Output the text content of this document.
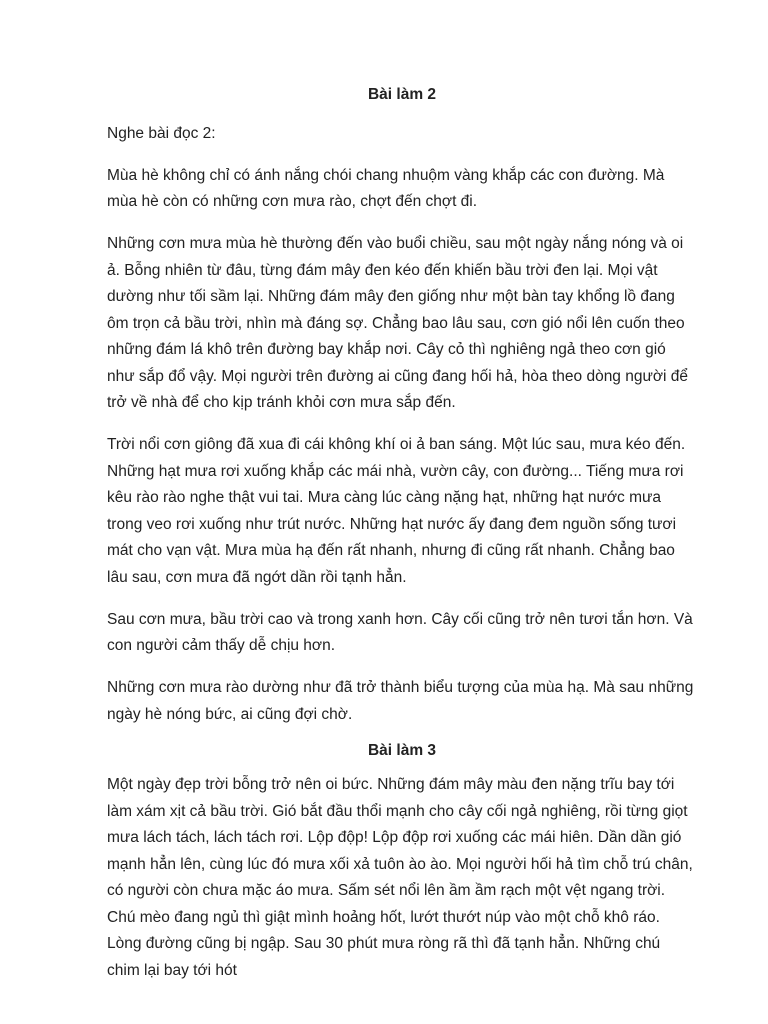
Bài làm 2

Nghe bài đọc 2:

Mùa hè không chỉ có ánh nắng chói chang nhuộm vàng khắp các con đường. Mà mùa hè còn có những cơn mưa rào, chợt đến chợt đi.

Những cơn mưa mùa hè thường đến vào buổi chiều, sau một ngày nắng nóng và oi ả. Bỗng nhiên từ đâu, từng đám mây đen kéo đến khiến bầu trời đen lại. Mọi vật dường như tối sầm lại. Những đám mây đen giống như một bàn tay khổng lồ đang ôm trọn cả bầu trời, nhìn mà đáng sợ. Chẳng bao lâu sau, cơn gió nổi lên cuốn theo những đám lá khô trên đường bay khắp nơi. Cây cỏ thì nghiêng ngả theo cơn gió như sắp đổ vậy. Mọi người trên đường ai cũng đang hối hả, hòa theo dòng người để trở về nhà để cho kịp tránh khỏi cơn mưa sắp đến.

Trời nổi cơn giông đã xua đi cái không khí oi ả ban sáng. Một lúc sau, mưa kéo đến. Những hạt mưa rơi xuống khắp các mái nhà, vườn cây, con đường... Tiếng mưa rơi kêu rào rào nghe thật vui tai. Mưa càng lúc càng nặng hạt, những hạt nước mưa trong veo rơi xuống như trút nước. Những hạt nước ấy đang đem nguồn sống tươi mát cho vạn vật. Mưa mùa hạ đến rất nhanh, nhưng đi cũng rất nhanh. Chẳng bao lâu sau, cơn mưa đã ngớt dần rồi tạnh hẳn.

Sau cơn mưa, bầu trời cao và trong xanh hơn. Cây cối cũng trở nên tươi tắn hơn. Và con người cảm thấy dễ chịu hơn.

Những cơn mưa rào dường như đã trở thành biểu tượng của mùa hạ. Mà sau những ngày hè nóng bức, ai cũng đợi chờ.

Bài làm 3

Một ngày đẹp trời bỗng trở nên oi bức. Những đám mây màu đen nặng trĩu bay tới làm xám xịt cả bầu trời. Gió bắt đầu thổi mạnh cho cây cối ngả nghiêng, rồi từng giọt mưa lách tách, lách tách rơi. Lộp độp! Lộp độp rơi xuống các mái hiên. Dần dần gió mạnh hẳn lên, cùng lúc đó mưa xối xả tuôn ào ào. Mọi người hối hả tìm chỗ trú chân, có người còn chưa mặc áo mưa. Sấm sét nổi lên ầm ầm rạch một vệt ngang trời. Chú mèo đang ngủ thì giật mình hoảng hốt, lướt thướt núp vào một chỗ khô ráo. Lòng đường cũng bị ngập. Sau 30 phút mưa ròng rã thì đã tạnh hẳn. Những chú chim lại bay tới hót
